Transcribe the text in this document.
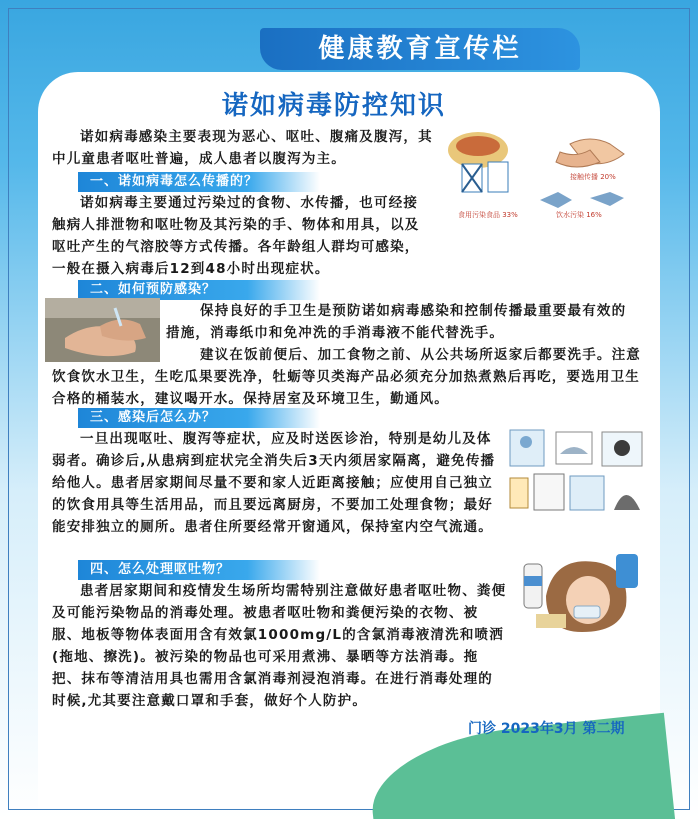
健康教育宣传栏
诺如病毒防控知识

诺如病毒感染主要表现为恶心、呕吐、腹痛及腹泻，其中儿童患者呕吐普遍，成人患者以腹泻为主。

接触传播 20%
食用污染食品 33%	饮水污染 16%
一、诺如病毒怎么传播的？

诺如病毒主要通过污染过的食物、水传播，也可经接触病人排泄物和呕吐物及其污染的手、物体和用具，以及呕吐产生的气溶胶等方式传播。各年龄组人群均可感染，一般在摄入病毒后12到48小时出现症状。

二、如何预防感染？

保持良好的手卫生是预防诺如病毒感染和控制传播最重要最有效的措施，消毒纸巾和免冲洗的手消毒液不能代替洗手。

建议在饭前便后、加工食物之前、从公共场所返家后都要洗手。注意饮食饮水卫生，生吃瓜果要洗净，牡蛎等贝类海产品必须充分加热煮熟后再吃，要选用卫生合格的桶装水，建议喝开水。保持居室及环境卫生，勤通风。

三、感染后怎么办？

一旦出现呕吐、腹泻等症状，应及时送医诊治，特别是幼儿及体弱者。确诊后,从患病到症状完全消失后3天内须居家隔离，避免传播给他人。患者居家期间尽量不要和家人近距离接触；应使用自己独立的饮食用具等生活用品，而且要远离厨房，不要加工处理食物；最好能安排独立的厕所。患者住所要经常开窗通风，保持室内空气流通。

四、怎么处理呕吐物？

患者居家期间和疫情发生场所均需特别注意做好患者呕吐物、粪便及可能污染物品的消毒处理。被患者呕吐物和粪便污染的衣物、被服、地板等物体表面用含有效氯1000mg/L的含氯消毒液清洗和喷洒(拖地、擦洗)。被污染的物品也可采用煮沸、暴晒等方法消毒。拖把、抹布等清洁用具也需用含氯消毒剂浸泡消毒。在进行消毒处理的时候,尤其要注意戴口罩和手套，做好个人防护。

门诊 2023年3月 第二期
